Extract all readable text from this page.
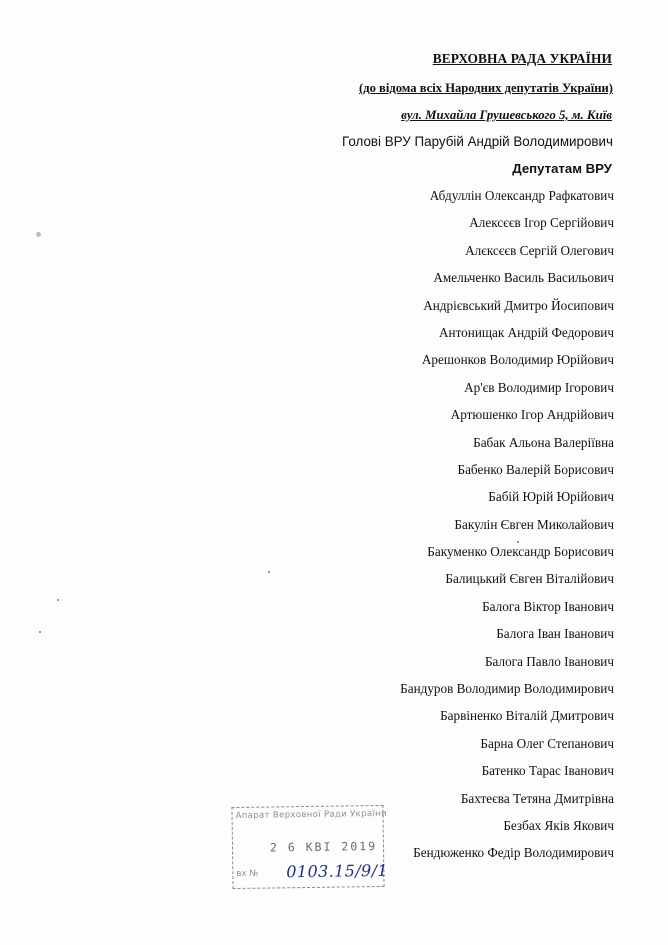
ВЕРХОВНА РАДА УКРАЇНИ
(до відома всіх Народних депутатів України)
вул. Михайла Грушевського 5, м. Київ
Голові ВРУ Парубій Андрій Володимирович
Депутатам ВРУ
Абдуллін Олександр Рафкатович
Алексєєв Ігор Сергійович
Алєксєєв Сергій Олегович
Амельченко Василь Васильович
Андрієвський Дмитро Йосипович
Антонищак Андрій Федорович
Арешонков Володимир Юрійович
Ар'єв Володимир Ігорович
Артюшенко Ігор Андрійович
Бабак Альона Валеріївна
Бабенко Валерій Борисович
Бабій Юрій Юрійович
Бакулін Євген Миколайович
Бакуменко Олександр Борисович
Балицький Євген Віталійович
Балога Віктор Іванович
Балога Іван Іванович
Балога Павло Іванович
Бандуров Володимир Володимирович
Барвіненко Віталій Дмитрович
Барна Олег Степанович
Батенко Тарас Іванович
Бахтеєва Тетяна Дмитрівна
Безбах Яків Якович
Бендюженко Федір Володимирович
Апарат Верховної Ради України
2 6 КВІ 2019
вх № 0103.15/9/1
